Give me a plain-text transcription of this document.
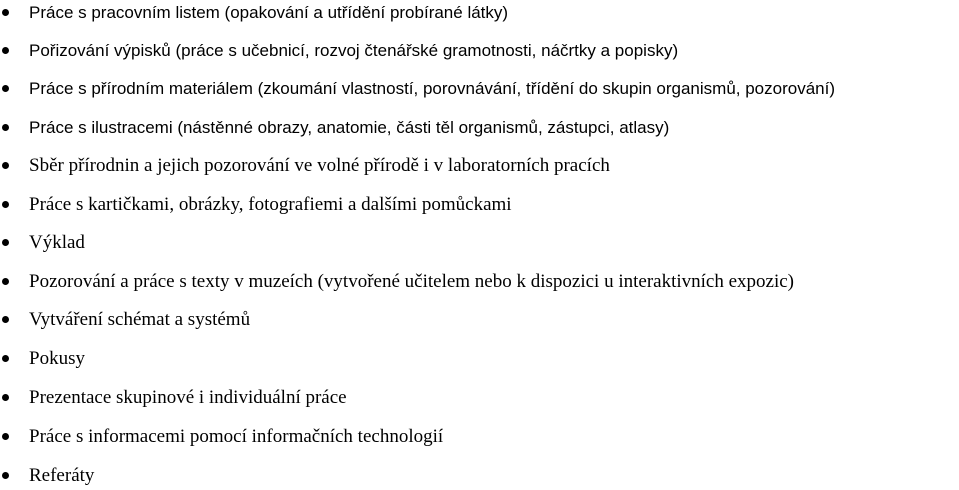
Práce s pracovním listem (opakování a utřídění probírané látky)
Pořizování výpisků (práce s učebnicí, rozvoj čtenářské gramotnosti, náčrtky a popisky)
Práce s přírodním materiálem (zkoumání vlastností, porovnávání, třídění do skupin organismů, pozorování)
Práce s ilustracemi (nástěnné obrazy, anatomie, části těl organismů, zástupci, atlasy)
Sběr přírodnin a jejich pozorování ve volné přírodě i v laboratorních pracích
Práce s kartičkami, obrázky, fotografiemi a dalšími pomůckami
Výklad
Pozorování a práce s texty v muzeích (vytvořené učitelem nebo k dispozici u interaktivních expozic)
Vytváření schémat a systémů
Pokusy
Prezentace skupinové i individuální práce
Práce s informacemi pomocí informačních technologií
Referáty
